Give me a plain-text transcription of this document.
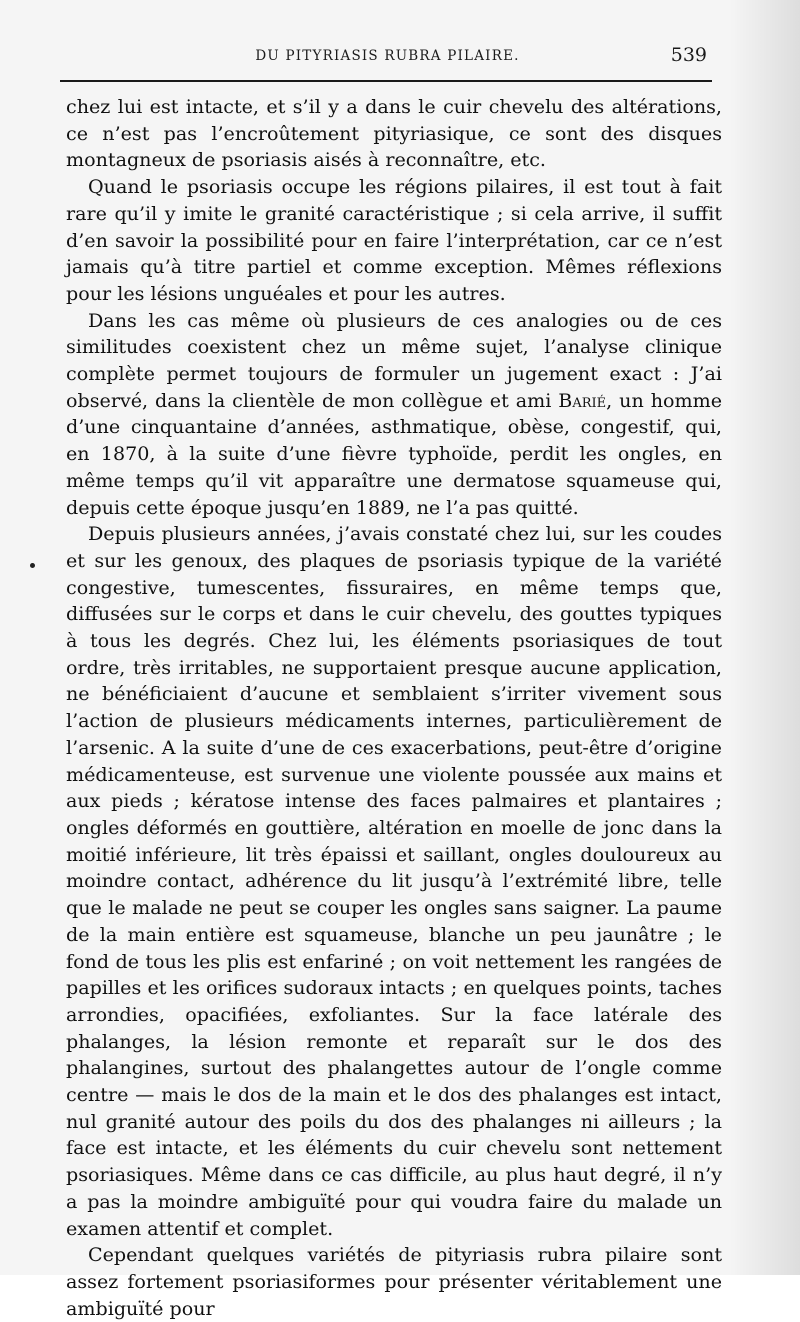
DU PITYRIASIS RUBRA PILAIRE.	539

chez lui est intacte, et s’il y a dans le cuir chevelu des altérations, ce n’est pas l’encroûtement pityriasique, ce sont des disques montagneux de psoriasis aisés à reconnaître, etc.

Quand le psoriasis occupe les régions pilaires, il est tout à fait rare qu’il y imite le granité caractéristique ; si cela arrive, il suffit d’en savoir la possibilité pour en faire l’interprétation, car ce n’est jamais qu’à titre partiel et comme exception. Mêmes réflexions pour les lésions unguéales et pour les autres.

Dans les cas même où plusieurs de ces analogies ou de ces similitudes coexistent chez un même sujet, l’analyse clinique complète permet toujours de formuler un jugement exact : J’ai observé, dans la clientèle de mon collègue et ami Barié, un homme d’une cinquantaine d’années, asthmatique, obèse, congestif, qui, en 1870, à la suite d’une fièvre typhoïde, perdit les ongles, en même temps qu’il vit apparaître une dermatose squameuse qui, depuis cette époque jusqu’en 1889, ne l’a pas quitté.

Depuis plusieurs années, j’avais constaté chez lui, sur les coudes et sur les genoux, des plaques de psoriasis typique de la variété congestive, tumescentes, fissuraires, en même temps que, diffusées sur le corps et dans le cuir chevelu, des gouttes typiques à tous les degrés. Chez lui, les éléments psoriasiques de tout ordre, très irritables, ne supportaient presque aucune application, ne bénéficiaient d’aucune et semblaient s’irriter vivement sous l’action de plusieurs médicaments internes, particulièrement de l’arsenic. A la suite d’une de ces exacerbations, peut-être d’origine médicamenteuse, est survenue une violente poussée aux mains et aux pieds ; kératose intense des faces palmaires et plantaires ; ongles déformés en gouttière, altération en moelle de jonc dans la moitié inférieure, lit très épaissi et saillant, ongles douloureux au moindre contact, adhérence du lit jusqu’à l’extrémité libre, telle que le malade ne peut se couper les ongles sans saigner. La paume de la main entière est squameuse, blanche un peu jaunâtre ; le fond de tous les plis est enfariné ; on voit nettement les rangées de papilles et les orifices sudoraux intacts ; en quelques points, taches arrondies, opacifiées, exfoliantes. Sur la face latérale des phalanges, la lésion remonte et reparaît sur le dos des phalangines, surtout des phalangettes autour de l’ongle comme centre — mais le dos de la main et le dos des phalanges est intact, nul granité autour des poils du dos des phalanges ni ailleurs ; la face est intacte, et les éléments du cuir chevelu sont nettement psoriasiques. Même dans ce cas difficile, au plus haut degré, il n’y a pas la moindre ambiguïté pour qui voudra faire du malade un examen attentif et complet.

Cependant quelques variétés de pityriasis rubra pilaire sont assez fortement psoriasiformes pour présenter véritablement une ambiguïté pour
